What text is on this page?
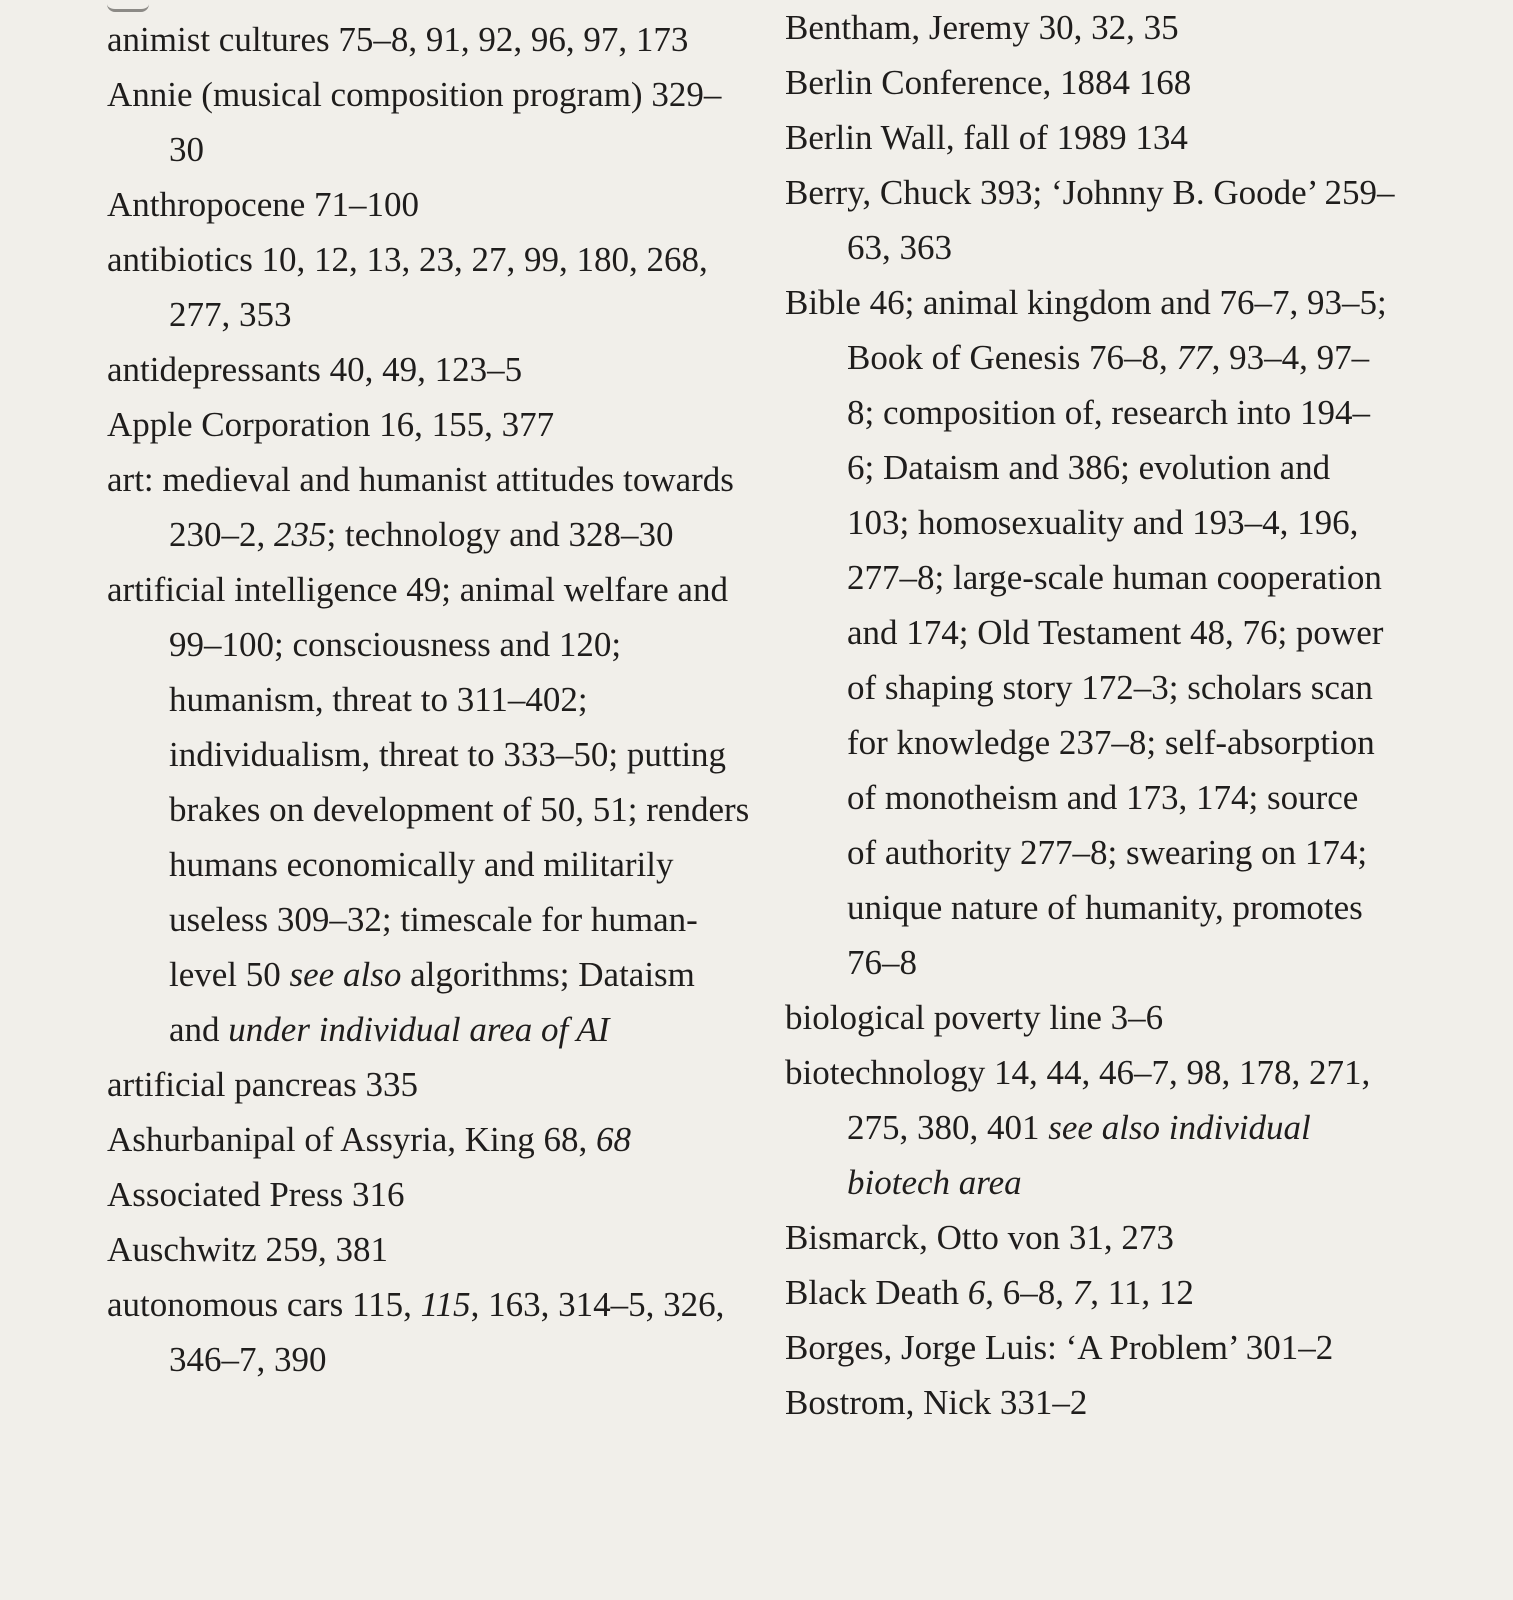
animist cultures 75–8, 91, 92, 96, 97, 173
Annie (musical composition program) 329–30
Anthropocene 71–100
antibiotics 10, 12, 13, 23, 27, 99, 180, 268, 277, 353
antidepressants 40, 49, 123–5
Apple Corporation 16, 155, 377
art: medieval and humanist attitudes towards 230–2, 235; technology and 328–30
artificial intelligence 49; animal welfare and 99–100; consciousness and 120; humanism, threat to 311–402; individualism, threat to 333–50; putting brakes on development of 50, 51; renders humans economically and militarily useless 309–32; timescale for human-level 50 see also algorithms; Dataism and under individual area of AI
artificial pancreas 335
Ashurbanipal of Assyria, King 68, 68
Associated Press 316
Auschwitz 259, 381
autonomous cars 115, 115, 163, 314–5, 326, 346–7, 390
Bentham, Jeremy 30, 32, 35
Berlin Conference, 1884 168
Berlin Wall, fall of 1989 134
Berry, Chuck 393; ‘Johnny B. Goode’ 259–63, 363
Bible 46; animal kingdom and 76–7, 93–5; Book of Genesis 76–8, 77, 93–4, 97–8; composition of, research into 194–6; Dataism and 386; evolution and 103; homosexuality and 193–4, 196, 277–8; large-scale human cooperation and 174; Old Testament 48, 76; power of shaping story 172–3; scholars scan for knowledge 237–8; self-absorption of monotheism and 173, 174; source of authority 277–8; swearing on 174; unique nature of humanity, promotes 76–8
biological poverty line 3–6
biotechnology 14, 44, 46–7, 98, 178, 271, 275, 380, 401 see also individual biotech area
Bismarck, Otto von 31, 273
Black Death 6, 6–8, 7, 11, 12
Borges, Jorge Luis: ‘A Problem’ 301–2
Bostrom, Nick 331–2
